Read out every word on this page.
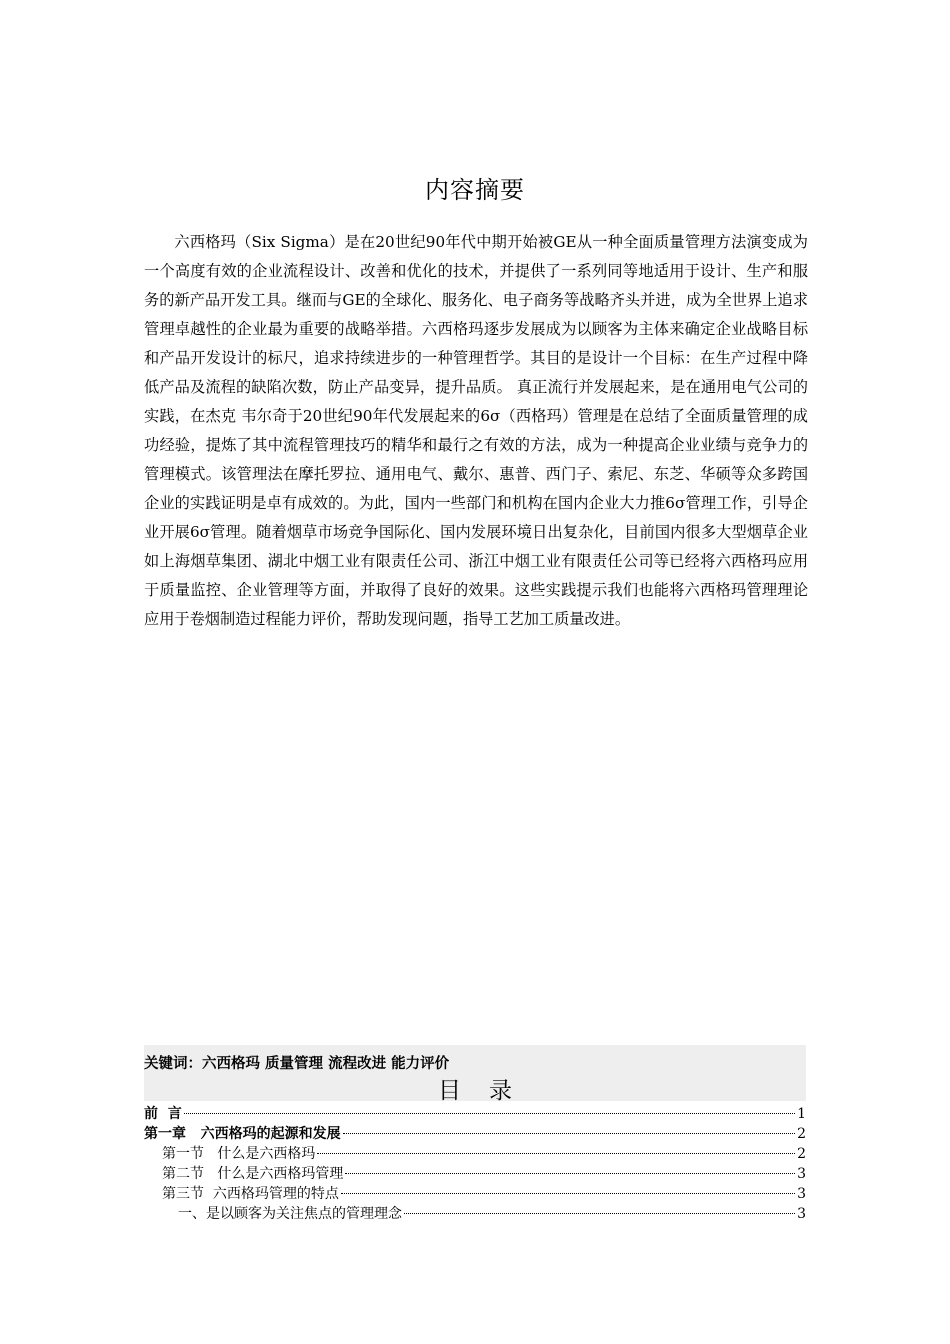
内容摘要

六西格玛（Six Sigma）是在20世纪90年代中期开始被GE从一种全面质量管理方法演变成为一个高度有效的企业流程设计、改善和优化的技术，并提供了一系列同等地适用于设计、生产和服务的新产品开发工具。继而与GE的全球化、服务化、电子商务等战略齐头并进，成为全世界上追求管理卓越性的企业最为重要的战略举措。六西格玛逐步发展成为以顾客为主体来确定企业战略目标和产品开发设计的标尺，追求持续进步的一种管理哲学。其目的是设计一个目标：在生产过程中降低产品及流程的缺陷次数，防止产品变异，提升品质。 真正流行并发展起来，是在通用电气公司的实践，在杰克 韦尔奇于20世纪90年代发展起来的6σ（西格玛）管理是在总结了全面质量管理的成功经验，提炼了其中流程管理技巧的精华和最行之有效的方法，成为一种提高企业业绩与竞争力的管理模式。该管理法在摩托罗拉、通用电气、戴尔、惠普、西门子、索尼、东芝、华硕等众多跨国企业的实践证明是卓有成效的。为此，国内一些部门和机构在国内企业大力推6σ管理工作，引导企业开展6σ管理。随着烟草市场竞争国际化、国内发展环境日出复杂化，目前国内很多大型烟草企业如上海烟草集团、湖北中烟工业有限责任公司、浙江中烟工业有限责任公司等已经将六西格玛应用于质量监控、企业管理等方面，并取得了良好的效果。这些实践提示我们也能将六西格玛管理理论应用于卷烟制造过程能力评价，帮助发现问题，指导工艺加工质量改进。

关键词：六西格玛 质量管理 流程改进 能力评价
目录
前  言	1
第一章   六西格玛的起源和发展	2
第一节   什么是六西格玛	2
第二节   什么是六西格玛管理	3
第三节  六西格玛管理的特点	3
一、是以顾客为关注焦点的管理理念	3
